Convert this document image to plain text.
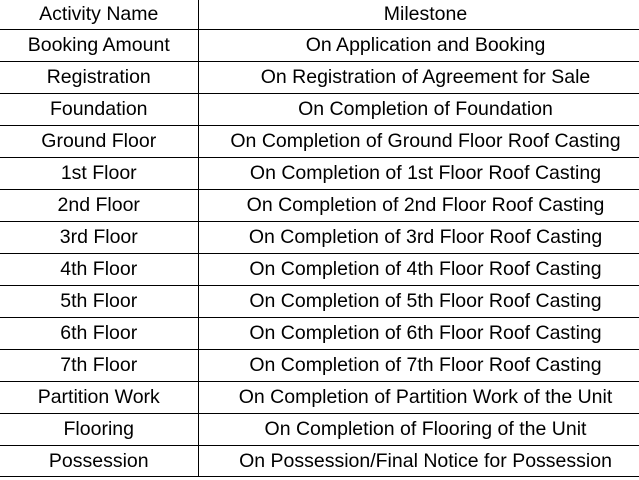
Activity Name	Milestone
Booking Amount	On Application and Booking
Registration	On Registration of Agreement for Sale
Foundation	On Completion of Foundation
Ground Floor	On Completion of Ground Floor Roof Casting
1st Floor	On Completion of 1st Floor Roof Casting
2nd Floor	On Completion of 2nd Floor Roof Casting
3rd Floor	On Completion of 3rd Floor Roof Casting
4th Floor	On Completion of 4th Floor Roof Casting
5th Floor	On Completion of 5th Floor Roof Casting
6th Floor	On Completion of 6th Floor Roof Casting
7th Floor	On Completion of 7th Floor Roof Casting
Partition Work	On Completion of Partition Work of the Unit
Flooring	On Completion of Flooring of the Unit
Possession	On Possession/Final Notice for Possession
